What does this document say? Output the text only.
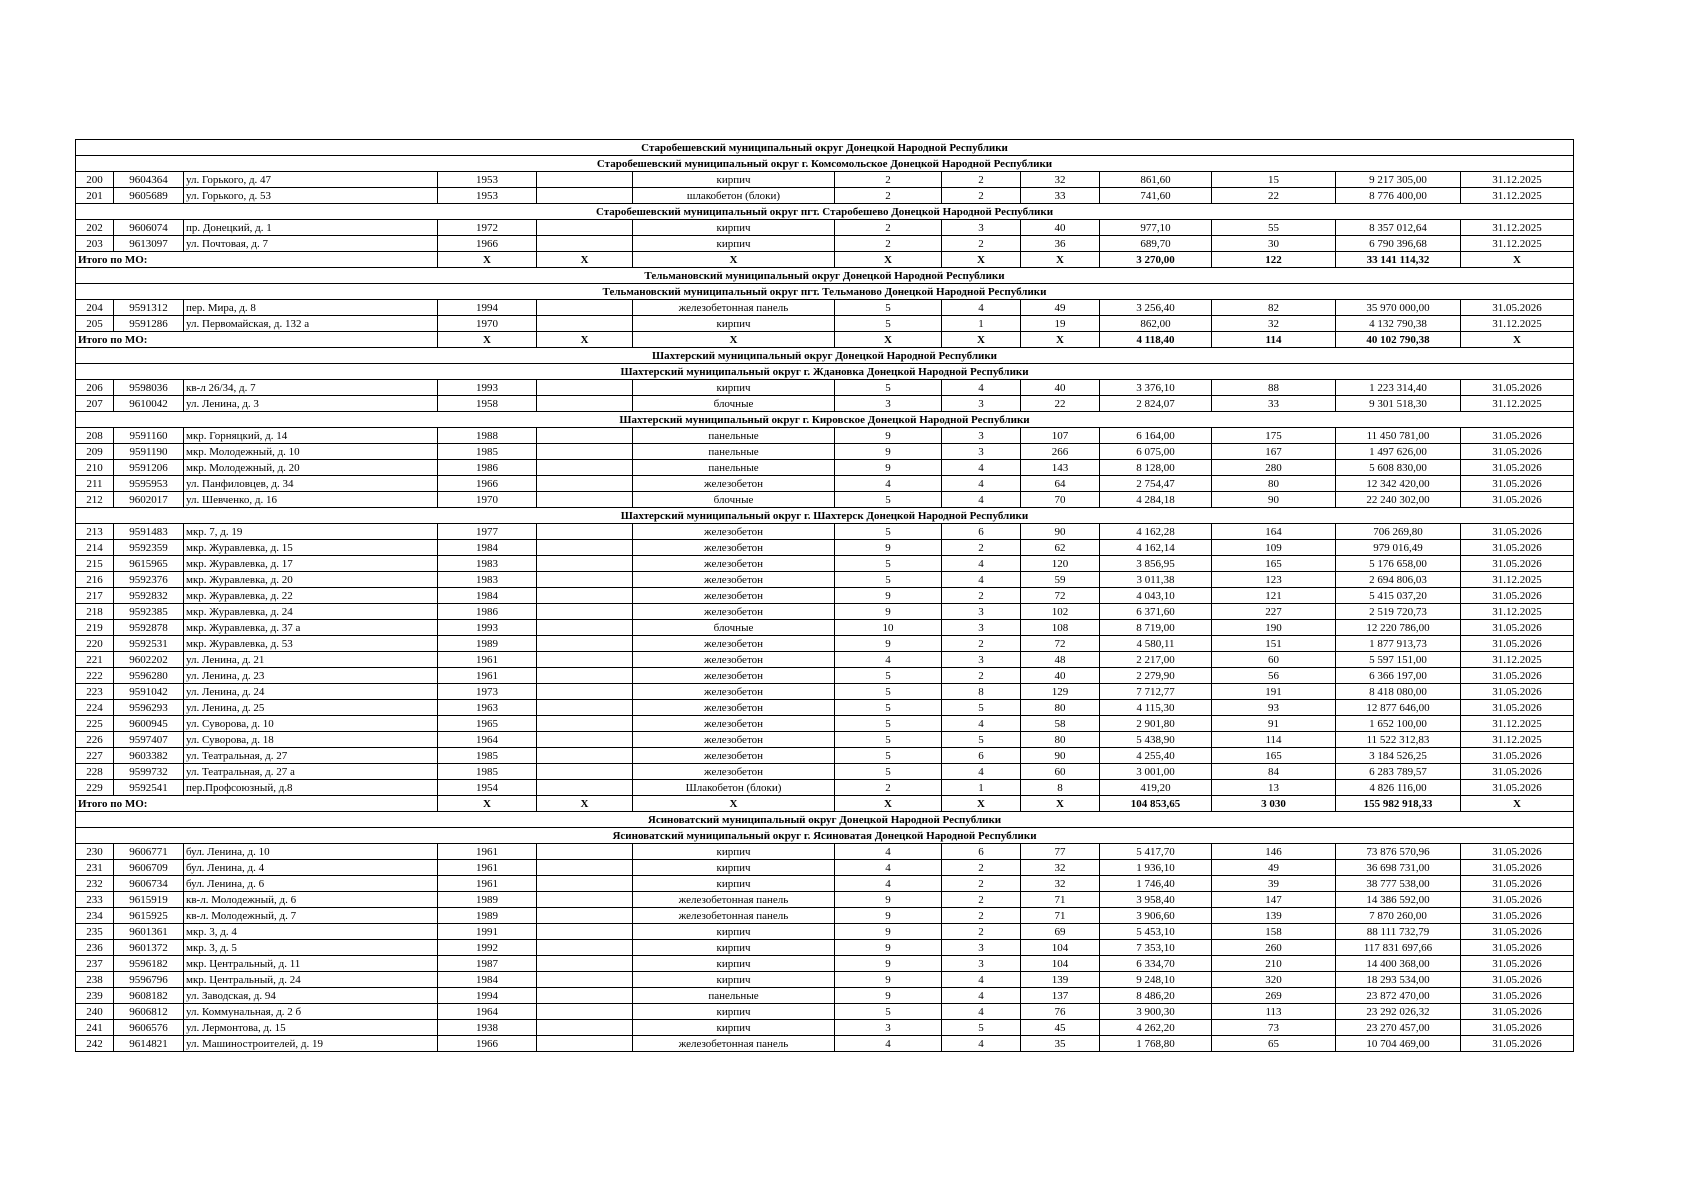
Старобешевский муниципальный округ Донецкой Народной Республики												
Старобешевский муниципальный округ г. Комсомольское Донецкой Народной Республики												
200	9604364	ул. Горького, д. 47	1953		кирпич	2	2	32	861,60	15	9 217 305,00	31.12.2025
201	9605689	ул. Горького, д. 53	1953		шлакобетон (блоки)	2	2	33	741,60	22	8 776 400,00	31.12.2025
Старобешевский муниципальный округ пгт. Старобешево Донецкой Народной Республики												
202	9606074	пр. Донецкий, д. 1	1972		кирпич	2	3	40	977,10	55	8 357 012,64	31.12.2025
203	9613097	ул. Почтовая, д. 7	1966		кирпич	2	2	36	689,70	30	6 790 396,68	31.12.2025
Итого по МО:			Х	Х	Х	Х	Х	Х	3 270,00	122	33 141 114,32	Х
Тельмановский муниципальный округ Донецкой Народной Республики												
Тельмановский муниципальный округ пгт. Тельманово Донецкой Народной Республики												
204	9591312	пер. Мира, д. 8	1994		железобетонная панель	5	4	49	3 256,40	82	35 970 000,00	31.05.2026
205	9591286	ул. Первомайская, д. 132 а	1970		кирпич	5	1	19	862,00	32	4 132 790,38	31.12.2025
Итого по МО:			Х	Х	Х	Х	Х	Х	4 118,40	114	40 102 790,38	Х
Шахтерский муниципальный округ Донецкой Народной Республики												
Шахтерский муниципальный округ г. Ждановка Донецкой Народной Республики												
206	9598036	кв-л 26/34, д. 7	1993		кирпич	5	4	40	3 376,10	88	1 223 314,40	31.05.2026
207	9610042	ул. Ленина, д. 3	1958		блочные	3	3	22	2 824,07	33	9 301 518,30	31.12.2025
Шахтерский муниципальный округ г. Кировское Донецкой Народной Республики												
208	9591160	мкр. Горняцкий, д. 14	1988		панельные	9	3	107	6 164,00	175	11 450 781,00	31.05.2026
209	9591190	мкр. Молодежный, д. 10	1985		панельные	9	3	266	6 075,00	167	1 497 626,00	31.05.2026
210	9591206	мкр. Молодежный, д. 20	1986		панельные	9	4	143	8 128,00	280	5 608 830,00	31.05.2026
211	9595953	ул. Панфиловцев, д. 34	1966		железобетон	4	4	64	2 754,47	80	12 342 420,00	31.05.2026
212	9602017	ул. Шевченко, д. 16	1970		блочные	5	4	70	4 284,18	90	22 240 302,00	31.05.2026
Шахтерский муниципальный округ г. Шахтерск Донецкой Народной Республики												
213	9591483	мкр. 7, д. 19	1977		железобетон	5	6	90	4 162,28	164	706 269,80	31.05.2026
214	9592359	мкр. Журавлевка, д. 15	1984		железобетон	9	2	62	4 162,14	109	979 016,49	31.05.2026
215	9615965	мкр. Журавлевка, д. 17	1983		железобетон	5	4	120	3 856,95	165	5 176 658,00	31.05.2026
216	9592376	мкр. Журавлевка, д. 20	1983		железобетон	5	4	59	3 011,38	123	2 694 806,03	31.12.2025
217	9592832	мкр. Журавлевка, д. 22	1984		железобетон	9	2	72	4 043,10	121	5 415 037,20	31.05.2026
218	9592385	мкр. Журавлевка, д. 24	1986		железобетон	9	3	102	6 371,60	227	2 519 720,73	31.12.2025
219	9592878	мкр. Журавлевка, д. 37 а	1993		блочные	10	3	108	8 719,00	190	12 220 786,00	31.05.2026
220	9592531	мкр. Журавлевка, д. 53	1989		железобетон	9	2	72	4 580,11	151	1 877 913,73	31.05.2026
221	9602202	ул. Ленина, д. 21	1961		железобетон	4	3	48	2 217,00	60	5 597 151,00	31.12.2025
222	9596280	ул. Ленина, д. 23	1961		железобетон	5	2	40	2 279,90	56	6 366 197,00	31.05.2026
223	9591042	ул. Ленина, д. 24	1973		железобетон	5	8	129	7 712,77	191	8 418 080,00	31.05.2026
224	9596293	ул. Ленина, д. 25	1963		железобетон	5	5	80	4 115,30	93	12 877 646,00	31.05.2026
225	9600945	ул. Суворова, д. 10	1965		железобетон	5	4	58	2 901,80	91	1 652 100,00	31.12.2025
226	9597407	ул. Суворова, д. 18	1964		железобетон	5	5	80	5 438,90	114	11 522 312,83	31.12.2025
227	9603382	ул. Театральная, д. 27	1985		железобетон	5	6	90	4 255,40	165	3 184 526,25	31.05.2026
228	9599732	ул. Театральная, д. 27 а	1985		железобетон	5	4	60	3 001,00	84	6 283 789,57	31.05.2026
229	9592541	пер.Профсоюзный, д.8	1954		Шлакобетон (блоки)	2	1	8	419,20	13	4 826 116,00	31.05.2026
Итого по МО:			Х	Х	Х	Х	Х	Х	104 853,65	3 030	155 982 918,33	Х
Ясиноватский муниципальный округ Донецкой Народной Республики												
Ясиноватский муниципальный округ г. Ясиноватая Донецкой Народной Республики												
230	9606771	бул. Ленина, д. 10	1961		кирпич	4	6	77	5 417,70	146	73 876 570,96	31.05.2026
231	9606709	бул. Ленина, д. 4	1961		кирпич	4	2	32	1 936,10	49	36 698 731,00	31.05.2026
232	9606734	бул. Ленина, д. 6	1961		кирпич	4	2	32	1 746,40	39	38 777 538,00	31.05.2026
233	9615919	кв-л. Молодежный, д. 6	1989		железобетонная панель	9	2	71	3 958,40	147	14 386 592,00	31.05.2026
234	9615925	кв-л. Молодежный, д. 7	1989		железобетонная панель	9	2	71	3 906,60	139	7 870 260,00	31.05.2026
235	9601361	мкр. 3, д. 4	1991		кирпич	9	2	69	5 453,10	158	88 111 732,79	31.05.2026
236	9601372	мкр. 3, д. 5	1992		кирпич	9	3	104	7 353,10	260	117 831 697,66	31.05.2026
237	9596182	мкр. Центральный, д. 11	1987		кирпич	9	3	104	6 334,70	210	14 400 368,00	31.05.2026
238	9596796	мкр. Центральный, д. 24	1984		кирпич	9	4	139	9 248,10	320	18 293 534,00	31.05.2026
239	9608182	ул. Заводская, д. 94	1994		панельные	9	4	137	8 486,20	269	23 872 470,00	31.05.2026
240	9606812	ул. Коммунальная, д. 2 б	1964		кирпич	5	4	76	3 900,30	113	23 292 026,32	31.05.2026
241	9606576	ул. Лермонтова, д. 15	1938		кирпич	3	5	45	4 262,20	73	23 270 457,00	31.05.2026
242	9614821	ул. Машиностроителей, д. 19	1966		железобетонная панель	4	4	35	1 768,80	65	10 704 469,00	31.05.2026
